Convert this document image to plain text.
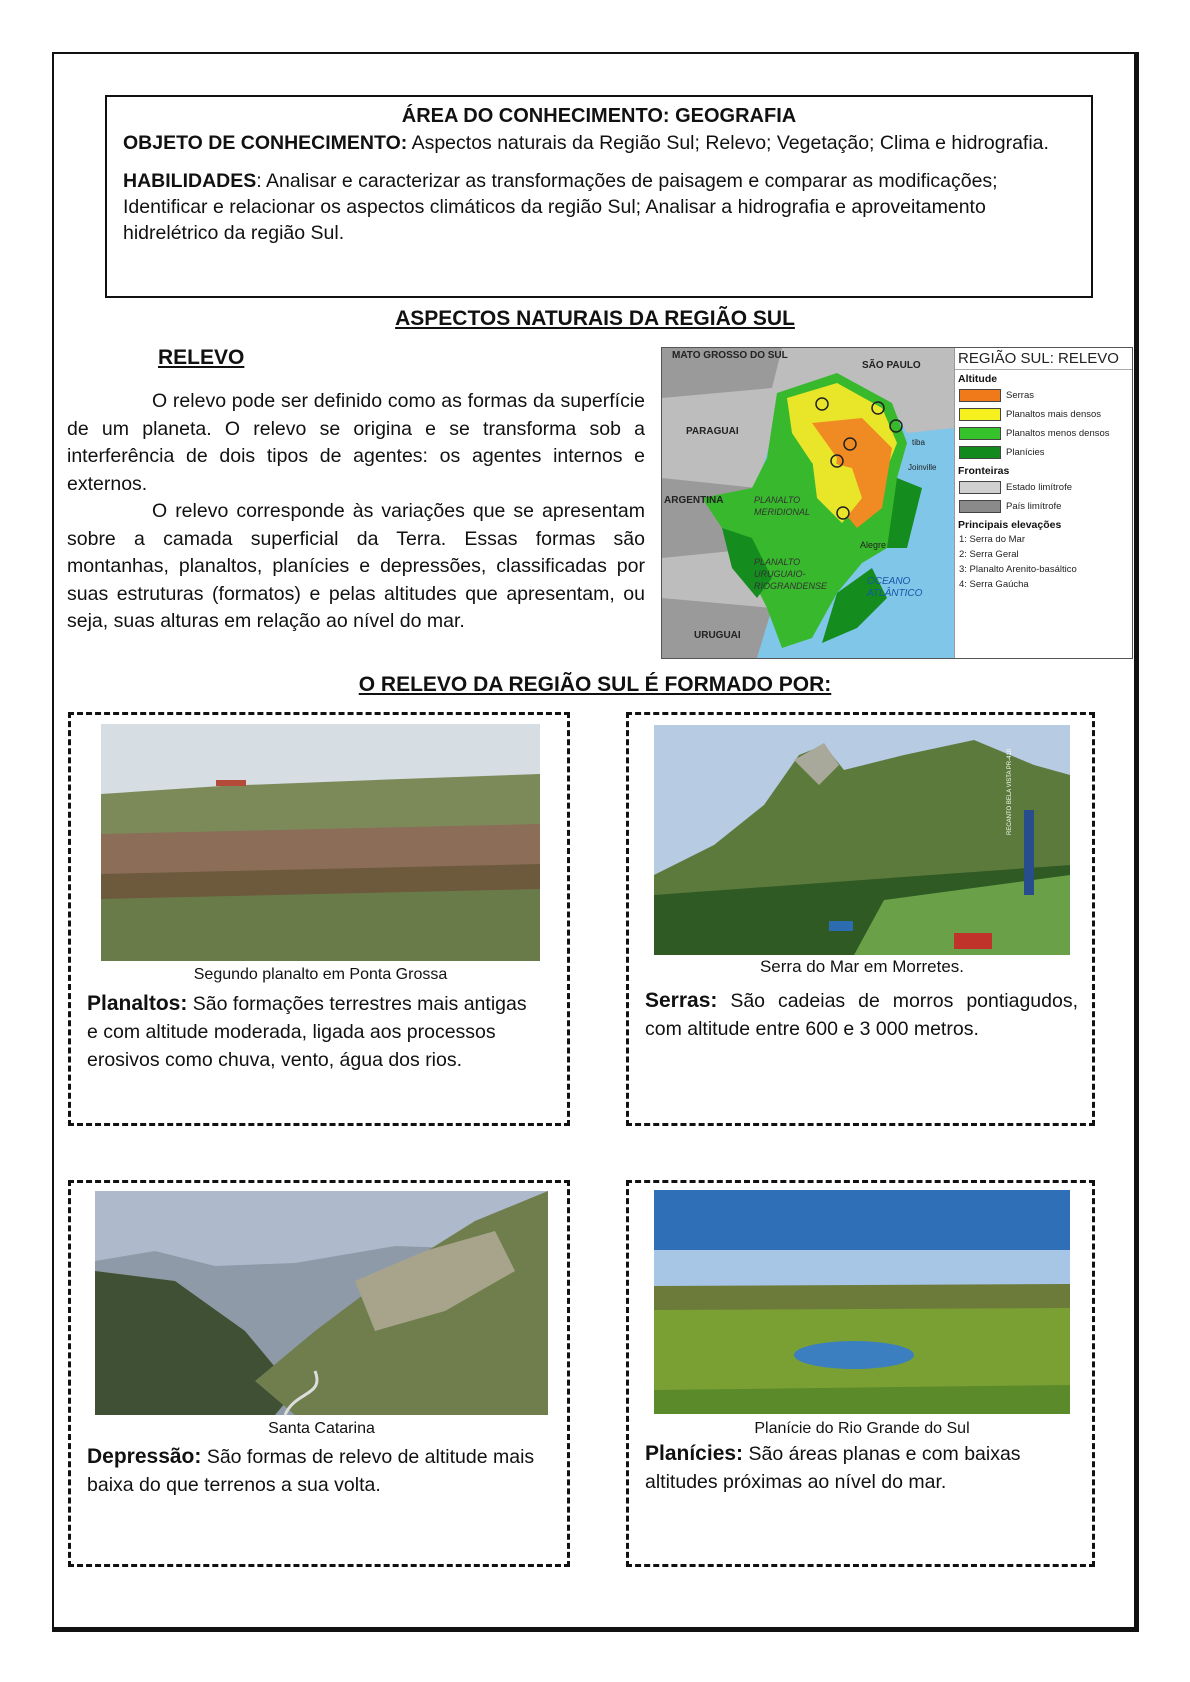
ÁREA DO CONHECIMENTO: GEOGRAFIA

OBJETO DE CONHECIMENTO: Aspectos naturais da Região Sul; Relevo; Vegetação; Clima e hidrografia.

HABILIDADES: Analisar e caracterizar as transformações de paisagem e comparar as modificações; Identificar e relacionar os aspectos climáticos da região Sul; Analisar a hidrografia e aproveitamento hidrelétrico da região Sul.

ASPECTOS NATURAIS DA REGIÃO SUL
RELEVO

O relevo pode ser definido como as formas da superfície de um planeta. O relevo se origina e se transforma sob a interferência de dois tipos de agentes: os agentes internos e externos.

O relevo corresponde às variações que se apresentam sobre a camada superficial da Terra. Essas formas são montanhas, planaltos, planícies e depressões, classificadas por suas estruturas (formatos) e pelas altitudes que apresentam, ou seja, suas alturas em relação ao nível do mar.

MATO GROSSO DO SUL
SÃO PAULO
PARAGUAI
ARGENTINA
URUGUAI
PLANALTO MERIDIONAL
PLANALTO URUGUAIO-RIOGRANDENSE	OCEANO ATLÂNTICO
Alegre
Joinville
tiba
REGIÃO SUL: RELEVO
Altitude
Serras
Planaltos mais densos
Planaltos menos densos
Planícies
Fronteiras
Estado limítrofe
País limítrofe
Principais elevações
1: Serra do Mar
2: Serra Geral
3: Planalto Arenito-basáltico
4: Serra Gaúcha
O RELEVO DA REGIÃO SUL É FORMADO POR:
Segundo planalto em Ponta Grossa
Planaltos: São formações terrestres mais antigas e com altitude moderada, ligada aos processos erosivos como chuva, vento, água dos rios.
RECANTO BELA VISTA PR-410
Serra do Mar em Morretes.
Serras: São cadeias de morros pontiagudos, com altitude entre 600 e 3 000 metros.
Santa Catarina
Depressão: São formas de relevo de altitude mais baixa do que terrenos a sua volta.
Planície do Rio Grande do Sul
Planícies: São áreas planas e com baixas altitudes próximas ao nível do mar.
